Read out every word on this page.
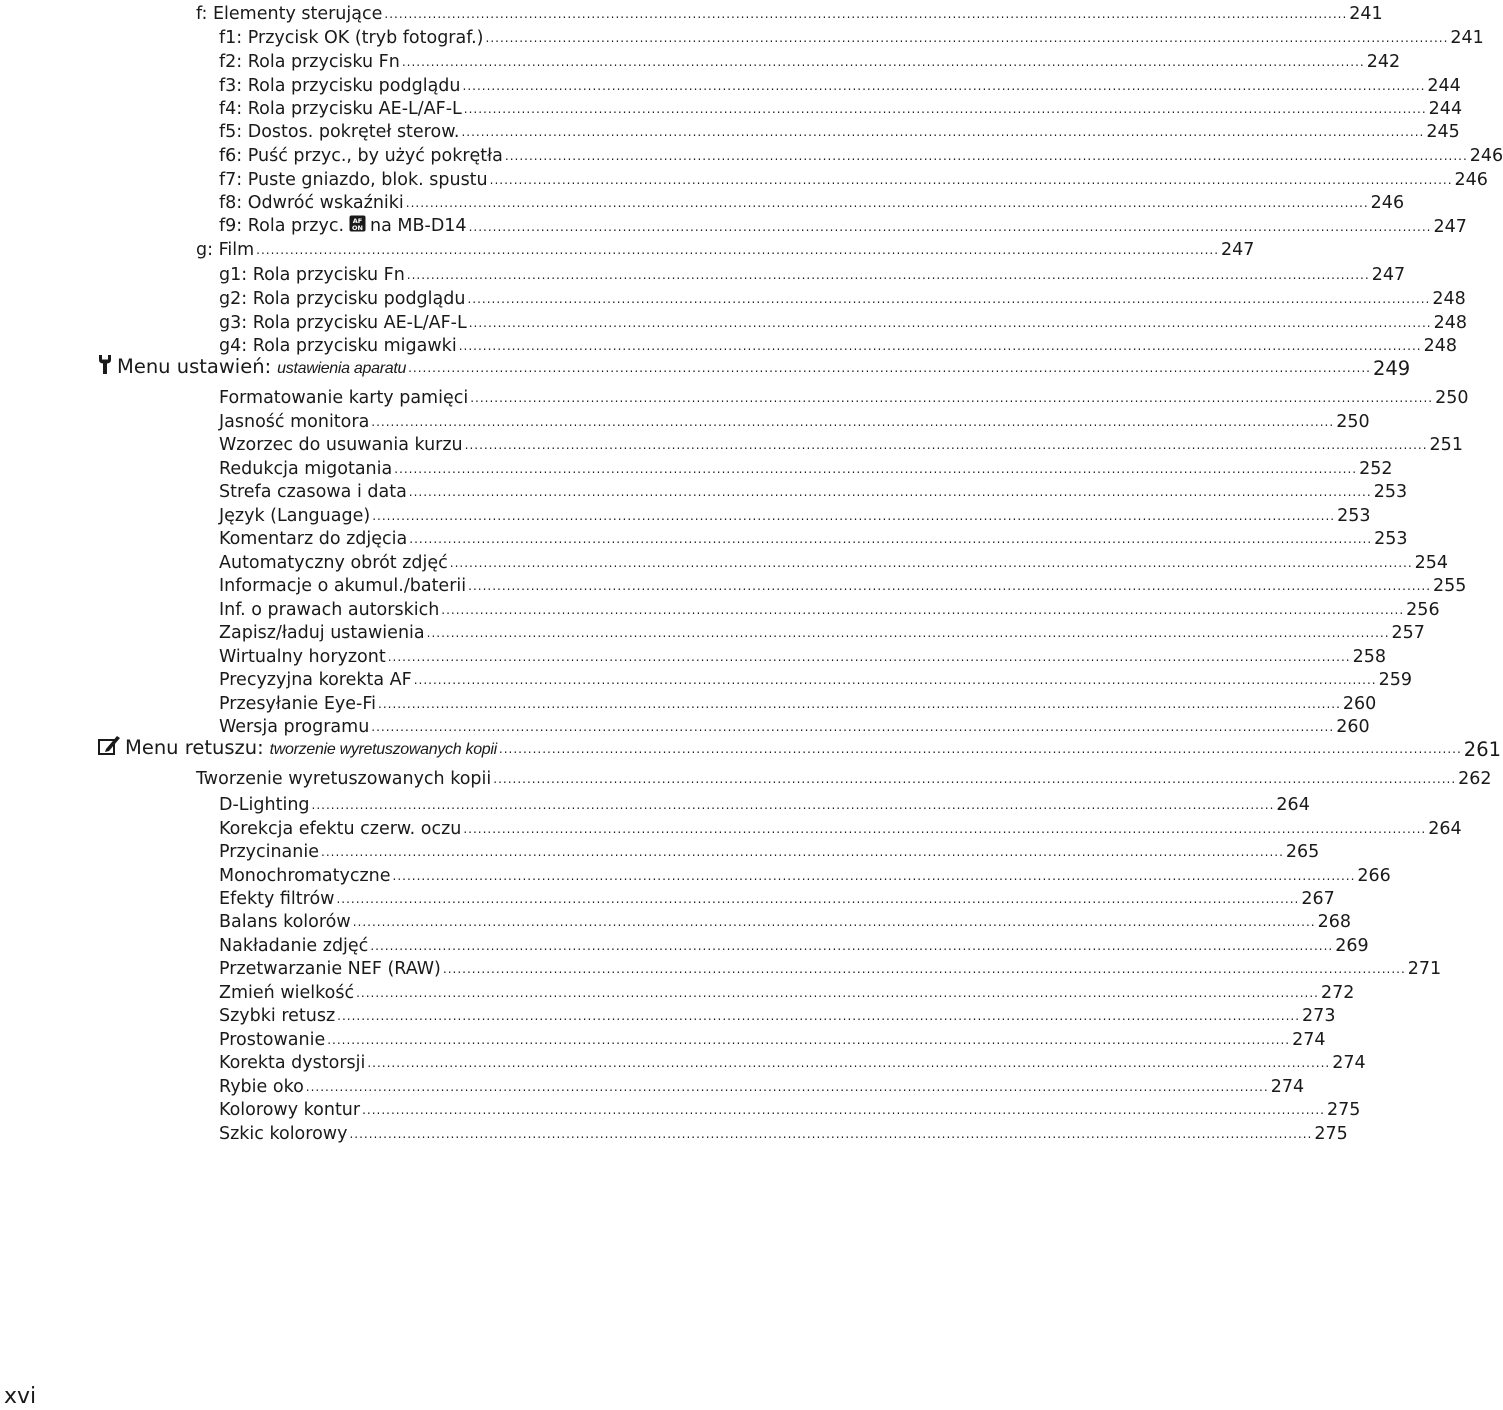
f: Elementy sterujące ........................................................................................................................................................................................................ 241
f1: Przycisk OK (tryb fotograf.) ........................................................................................................................................................................................................ 241
f2: Rola przycisku Fn ........................................................................................................................................................................................................ 242
f3: Rola przycisku podglądu ........................................................................................................................................................................................................ 244
f4: Rola przycisku AE-L/AF-L ........................................................................................................................................................................................................ 244
f5: Dostos. pokręteł sterow. ........................................................................................................................................................................................................ 245
f6: Puść przyc., by użyć pokrętła ........................................................................................................................................................................................................ 246
f7: Puste gniazdo, blok. spustu ........................................................................................................................................................................................................ 246
f8: Odwróć wskaźniki ........................................................................................................................................................................................................ 246
f9: Rola przyc. AF
ON na MB-D14 ........................................................................................................................................................................................................ 247
g: Film ........................................................................................................................................................................................................ 247
g1: Rola przycisku Fn ........................................................................................................................................................................................................ 247
g2: Rola przycisku podglądu ........................................................................................................................................................................................................ 248
g3: Rola przycisku AE-L/AF-L ........................................................................................................................................................................................................ 248
g4: Rola przycisku migawki ........................................................................................................................................................................................................ 248
Menu ustawień: ustawienia aparatu ........................................................................................................................................................................................................ 249
Formatowanie karty pamięci ........................................................................................................................................................................................................ 250
Jasność monitora ........................................................................................................................................................................................................ 250
Wzorzec do usuwania kurzu ........................................................................................................................................................................................................ 251
Redukcja migotania ........................................................................................................................................................................................................ 252
Strefa czasowa i data ........................................................................................................................................................................................................ 253
Język (Language) ........................................................................................................................................................................................................ 253
Komentarz do zdjęcia ........................................................................................................................................................................................................ 253
Automatyczny obrót zdjęć ........................................................................................................................................................................................................ 254
Informacje o akumul./baterii ........................................................................................................................................................................................................ 255
Inf. o prawach autorskich ........................................................................................................................................................................................................ 256
Zapisz/ładuj ustawienia ........................................................................................................................................................................................................ 257
Wirtualny horyzont ........................................................................................................................................................................................................ 258
Precyzyjna korekta AF ........................................................................................................................................................................................................ 259
Przesyłanie Eye-Fi ........................................................................................................................................................................................................ 260
Wersja programu ........................................................................................................................................................................................................ 260
Menu retuszu: tworzenie wyretuszowanych kopii ........................................................................................................................................................................................................ 261
Tworzenie wyretuszowanych kopii ........................................................................................................................................................................................................ 262
D-Lighting ........................................................................................................................................................................................................ 264
Korekcja efektu czerw. oczu ........................................................................................................................................................................................................ 264
Przycinanie ........................................................................................................................................................................................................ 265
Monochromatyczne ........................................................................................................................................................................................................ 266
Efekty filtrów ........................................................................................................................................................................................................ 267
Balans kolorów ........................................................................................................................................................................................................ 268
Nakładanie zdjęć ........................................................................................................................................................................................................ 269
Przetwarzanie NEF (RAW) ........................................................................................................................................................................................................ 271
Zmień wielkość ........................................................................................................................................................................................................ 272
Szybki retusz ........................................................................................................................................................................................................ 273
Prostowanie ........................................................................................................................................................................................................ 274
Korekta dystorsji ........................................................................................................................................................................................................ 274
Rybie oko ........................................................................................................................................................................................................ 274
Kolorowy kontur ........................................................................................................................................................................................................ 275
Szkic kolorowy ........................................................................................................................................................................................................ 275
xvi
